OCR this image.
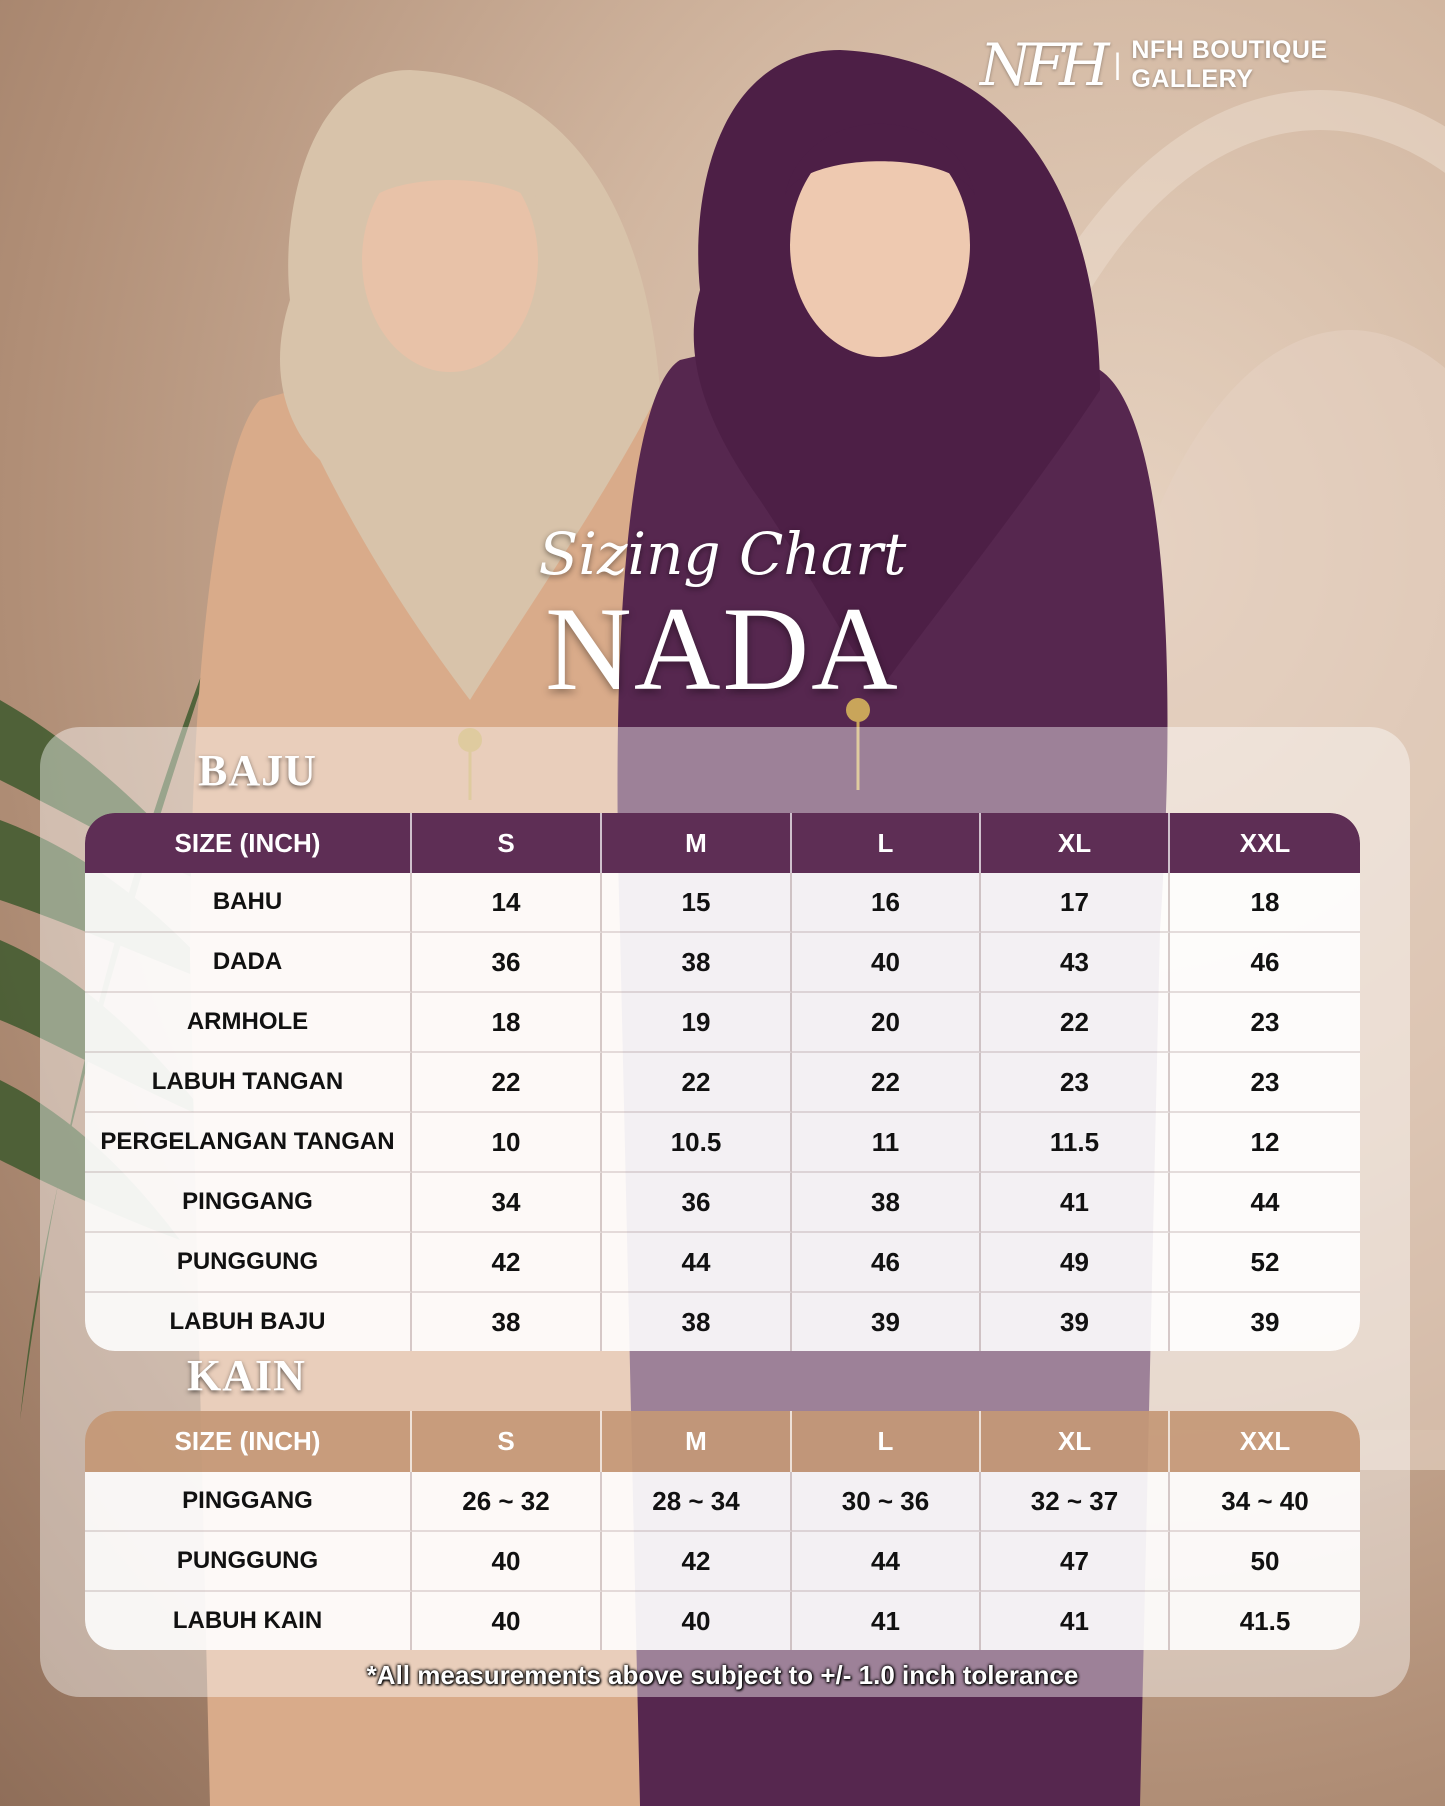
NFH | NFH BOUTIQUE GALLERY
Sizing Chart
NADA
BAJU
SIZE (INCH)	S	M	L	XL	XXL
BAHU	14	15	16	17	18
DADA	36	38	40	43	46
ARMHOLE	18	19	20	22	23
LABUH TANGAN	22	22	22	23	23
PERGELANGAN TANGAN	10	10.5	11	11.5	12
PINGGANG	34	36	38	41	44
PUNGGUNG	42	44	46	49	52
LABUH BAJU	38	38	39	39	39
KAIN
SIZE (INCH)	S	M	L	XL	XXL
PINGGANG	26 ~ 32	28 ~ 34	30 ~ 36	32 ~ 37	34 ~ 40
PUNGGUNG	40	42	44	47	50
LABUH KAIN	40	40	41	41	41.5
*All measurements above subject to +/- 1.0 inch tolerance
